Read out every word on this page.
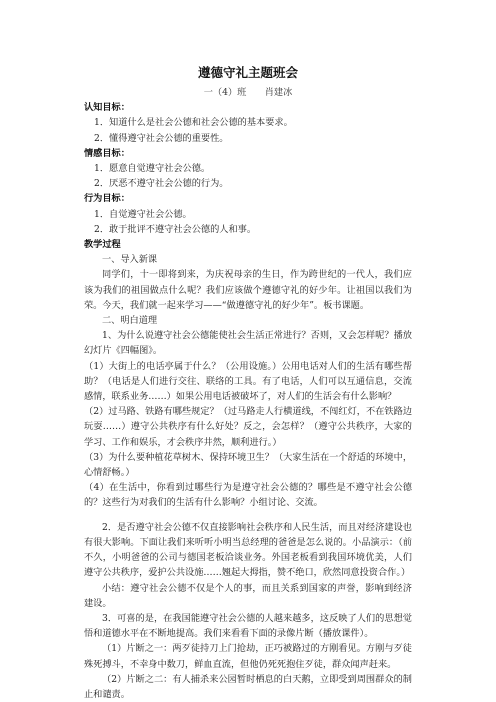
遵德守礼主题班会
一（4）班　　肖建冰
认知目标：
1．知道什么是社会公德和社会公德的基本要求。
2．懂得遵守社会公德的重要性。
情感目标：
1．愿意自觉遵守社会公德。
2．厌恶不遵守社会公德的行为。
行为目标：
1．自觉遵守社会公德。
2．敢于批评不遵守社会公德的人和事。
教学过程
一、导入新课
同学们，十一即将到来，为庆祝母亲的生日，作为跨世纪的一代人，我们应该为我们的祖国做点什么呢？我们应该做个遵德守礼的好少年。让祖国以我们为荣。今天，我们就一起来学习——“做遵德守礼的好少年”。板书课题。
二、明白道理
1、为什么说遵守社会公德能使社会生活正常进行？否则，又会怎样呢？播放幻灯片《四幅图》。
（1）大街上的电话亭属于什么？（公用设施。）公用电话对人们的生活有哪些帮助？（电话是人们进行交往、联络的工具。有了电话，人们可以互通信息，交流感情，联系业务……）如果公用电话被破坏了，对人们的生活会有什么影响？
（2）过马路、铁路有哪些规定？（过马路走人行横道线，不闯红灯，不在铁路边玩耍……）遵守公共秩序有什么好处？反之，会怎样？（遵守公共秩序，大家的学习、工作和娱乐，才会秩序井然，顺利进行。）
（3）为什么要种植花草树木、保持环境卫生？（大家生活在一个舒适的环境中，心情舒畅。）
（4）在生活中，你看到过哪些行为是遵守社会公德的？哪些是不遵守社会公德的？这些行为对我们的生活有什么影响？小组讨论、交流。
2．是否遵守社会公德不仅直接影响社会秩序和人民生活，而且对经济建设也有很大影响。下面让我们来听听小明当总经理的爸爸是怎么说的。小品演示：（前不久，小明爸爸的公司与德国老板洽谈业务。外国老板看到我国环境优美，人们遵守公共秩序，爱护公共设施……翘起大拇指，赞不绝口，欣然同意投资合作。）
小结：遵守社会公德不仅是个人的事，而且关系到国家的声誉，影响到经济建设。
3．可喜的是，在我国能遵守社会公德的人越来越多，这反映了人们的思想觉悟和道德水平在不断地提高。我们来看看下面的录像片断（播放课件）。
（1）片断之一：两歹徒持刀上门抢劫，正巧被路过的方刚看见。方刚与歹徒殊死搏斗，不幸身中数刀，鲜血直流，但他仍死死抱住歹徒，群众闻声赶来。
（2）片断之二：有人捕杀来公园暂时栖息的白天鹅，立即受到周围群众的制止和谴责。
